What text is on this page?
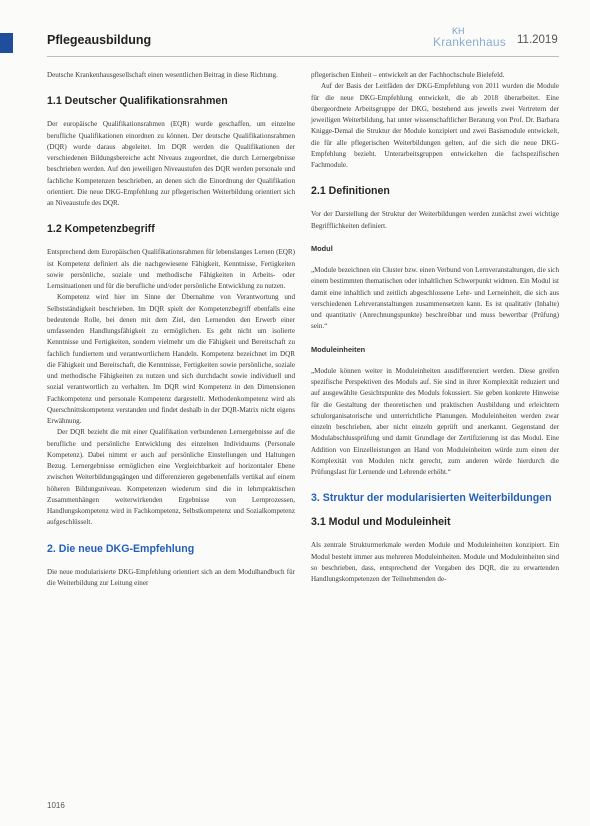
Pflegeausbildung
KH
Krankenhaus 11.2019

Deutsche Krankenhausgesellschaft einen wesentlichen Beitrag in diese Richtung.

1.1 Deutscher Qualifikationsrahmen

Der europäische Qualifikationsrahmen (EQR) wurde geschaffen, um einzelne berufliche Qualifikationen einordnen zu können. Der deutsche Qualifikationsrahmen (DQR) wurde daraus abgeleitet. Im DQR werden die Qualifikationen der verschiedenen Bildungsbereiche acht Niveaus zugeordnet, die durch Lernergebnisse beschrieben werden. Auf den jeweiligen Niveaustufen des DQR werden personale und fachliche Kompetenzen beschrieben, an denen sich die Einordnung der Qualifikation orientiert. Die neue DKG-Empfehlung zur pflegerischen Weiterbildung orientiert sich an Niveaustufe des DQR.

1.2 Kompetenzbegriff

Entsprechend dem Europäischen Qualifikationsrahmen für lebenslanges Lernen (EQR) ist Kompetenz definiert als die nachgewiesene Fähigkeit, Kenntnisse, Fertigkeiten sowie persönliche, soziale und methodische Fähigkeiten in Arbeits- oder Lernsituationen und für die berufliche und/oder persönliche Entwicklung zu nutzen.

Kompetenz wird hier im Sinne der Übernahme von Verantwortung und Selbstständigkeit beschrieben. Im DQR spielt der Kompetenzbegriff ebenfalls eine bedeutende Rolle, bei denen mit dem Ziel, den Lernenden den Erwerb einer umfassenden Handlungsfähigkeit zu ermöglichen. Es geht nicht um isolierte Kenntnisse und Fertigkeiten, sondern vielmehr um die Fähigkeit und Bereitschaft zu fachlich fundiertem und verantwortlichem Handeln. Kompetenz bezeichnet im DQR die Fähigkeit und Bereitschaft, die Kenntnisse, Fertigkeiten sowie persönliche, soziale und methodische Fähigkeiten zu nutzen und sich durchdacht sowie individuell und sozial verantwortlich zu verhalten. Im DQR wird Kompetenz in den Dimensionen Fachkompetenz und personale Kompetenz dargestellt. Methodenkompetenz wird als Querschnittskompetenz verstanden und findet deshalb in der DQR-Matrix nicht eigens Erwähnung.

Der DQR bezieht die mit einer Qualifikation verbundenen Lernergebnisse auf die berufliche und persönliche Entwicklung des einzelnen Individuums (Personale Kompetenz). Dabei nimmt er auch auf persönliche Einstellungen und Haltungen Bezug. Lernergebnisse ermöglichen eine Vergleichbarkeit auf horizontaler Ebene zwischen Weiterbildungsgängen und differenzieren gegebenenfalls vertikal auf einem höheren Bildungsniveau. Kompetenzen wiederum sind die in lehrnpraktischen Zusammenhängen weiterwirkenden Ergebnisse von Lernprozessen, Handlungskompetenz wird in Fachkompetenz, Selbstkompetenz und Sozialkompetenz aufgeschlüsselt.

2. Die neue DKG-Empfehlung

Die neue modularisierte DKG-Empfehlung orientiert sich an dem Modulhandbuch für die Weiterbildung zur Leitung einer

pflegerischen Einheit – entwickelt an der Fachhochschule Bielefeld.

Auf der Basis der Leitfäden der DKG-Empfehlung von 2011 wurden die Module für die neue DKG-Empfehlung entwickelt, die ab 2018 überarbeitet. Eine übergeordnete Arbeitsgruppe der DKG, bestehend aus jeweils zwei Vertretern der jeweiligen Weiterbildung, hat unter wissenschaftlicher Beratung von Prof. Dr. Barbara Knigge-Demal die Struktur der Module konzipiert und zwei Basismodule entwickelt, die für alle pflegerischen Weiterbildungen gelten, auf die sich die neue DKG-Empfehlung bezieht. Unterarbeitsgruppen entwickelten die fachspezifischen Fachmodule.

2.1 Definitionen

Vor der Darstellung der Struktur der Weiterbildungen werden zunächst zwei wichtige Begrifflichkeiten definiert.

Modul

„Module bezeichnen ein Cluster bzw. einen Verbund von Lernveranstaltungen, die sich einem bestimmten thematischen oder inhaltlichen Schwerpunkt widmen. Ein Modul ist damit eine inhaltlich und zeitlich abgeschlossene Lehr- und Lerneinheit, die sich aus verschiedenen Lehrveranstaltungen zusammensetzen kann. Es ist qualitativ (Inhalte) und quantitativ (Anrechnungspunkte) beschreibbar und muss bewertbar (Prüfung) sein.“

Moduleinheiten

„Module können weiter in Moduleinheiten ausdifferenziert werden. Diese greifen spezifische Perspektiven des Moduls auf. Sie sind in ihrer Komplexität reduziert und auf ausgewählte Gesichtspunkte des Moduls fokussiert. Sie geben konkrete Hinweise für die Gestaltung der theoretischen und praktischen Ausbildung und erleichtern schulorganisatorische und unterrichtliche Planungen. Moduleinheiten werden zwar einzeln beschrieben, aber nicht einzeln geprüft und anerkannt. Gegenstand der Modulabschlussprüfung und damit Grundlage der Zertifizierung ist das Modul. Eine Addition von Einzelleistungen an Hand von Moduleinheiten würde zum einen der Komplexität von Modulen nicht gerecht, zum anderen würde hierdurch die Prüfungslast für Lernende und Lehrende erhöht.“

3. Struktur der modularisierten Weiterbildungen
3.1 Modul und Moduleinheit

Als zentrale Strukturmerkmale werden Module und Moduleinheiten konzipiert. Ein Modul besteht immer aus mehreren Moduleinheiten. Module und Moduleinheiten sind so beschrieben, dass, entsprechend der Vorgaben des DQR, die zu erwartenden Handlungskompetenzen der Teilnehmenden de-

1016
